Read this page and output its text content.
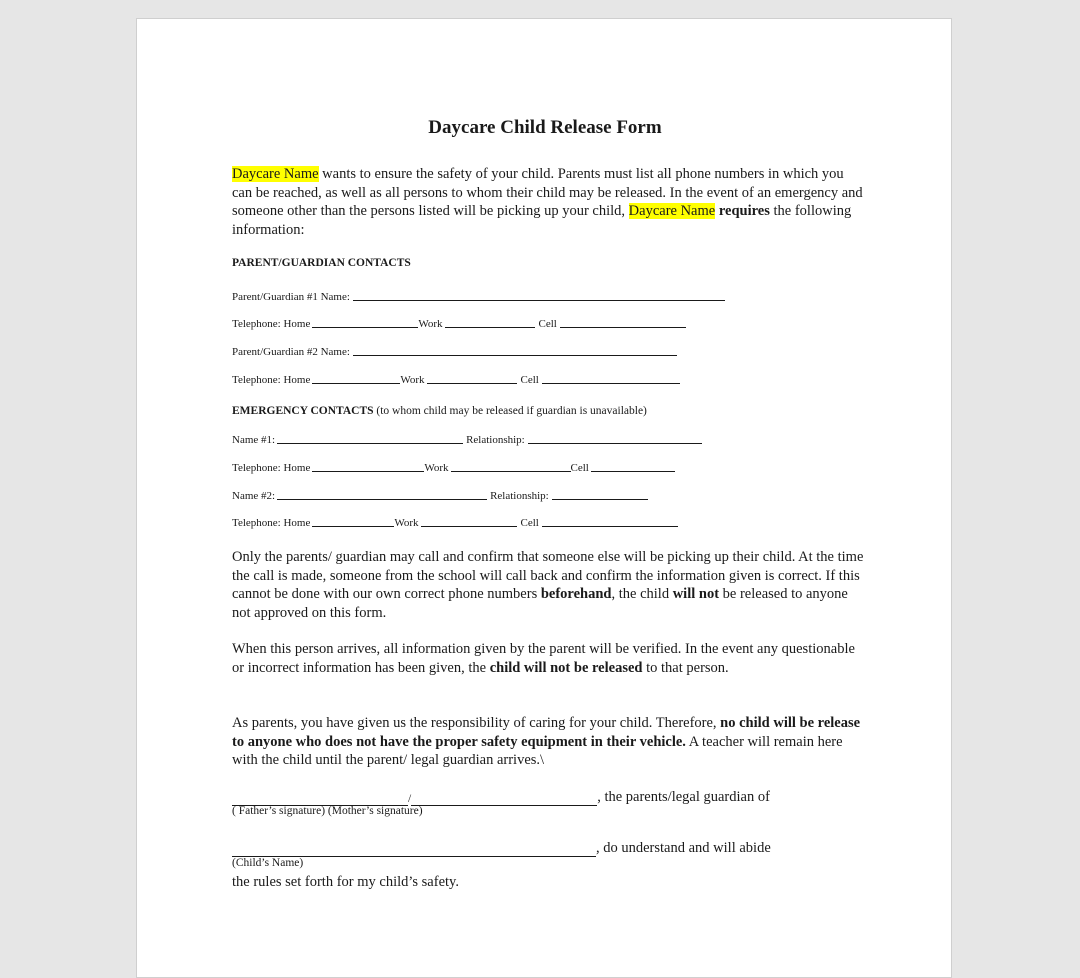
Daycare Child Release Form
Daycare Name wants to ensure the safety of your child. Parents must list all phone numbers in which you can be reached, as well as all persons to whom their child may be released. In the event of an emergency and someone other than the persons listed will be picking up your child, Daycare Name requires the following information:
PARENT/GUARDIAN CONTACTS
Parent/Guardian #1 Name:
Telephone: Home	Work	Cell
Parent/Guardian #2 Name:
Telephone: Home	Work	Cell
EMERGENCY CONTACTS (to whom child may be released if guardian is unavailable)
Name #1:	Relationship:
Telephone: Home	Work	Cell
Name #2:	Relationship:
Telephone: Home	Work	Cell
Only the parents/ guardian may call and confirm that someone else will be picking up their child. At the time the call is made, someone from the school will call back and confirm the information given is correct. If this cannot be done with our own correct phone numbers beforehand, the child will not be released to anyone not approved on this form.
When this person arrives, all information given by the parent will be verified. In the event any questionable or incorrect information has been given, the child will not be released to that person.
As parents, you have given us the responsibility of caring for your child. Therefore, no child will be release to anyone who does not have the proper safety equipment in their vehicle. A teacher will remain here with the child until the parent/ legal guardian arrives.\
/	, the parents/legal guardian of
( Father’s signature) (Mother’s signature)
, do understand and will abide
(Child’s Name)
the rules set forth for my child’s safety.
